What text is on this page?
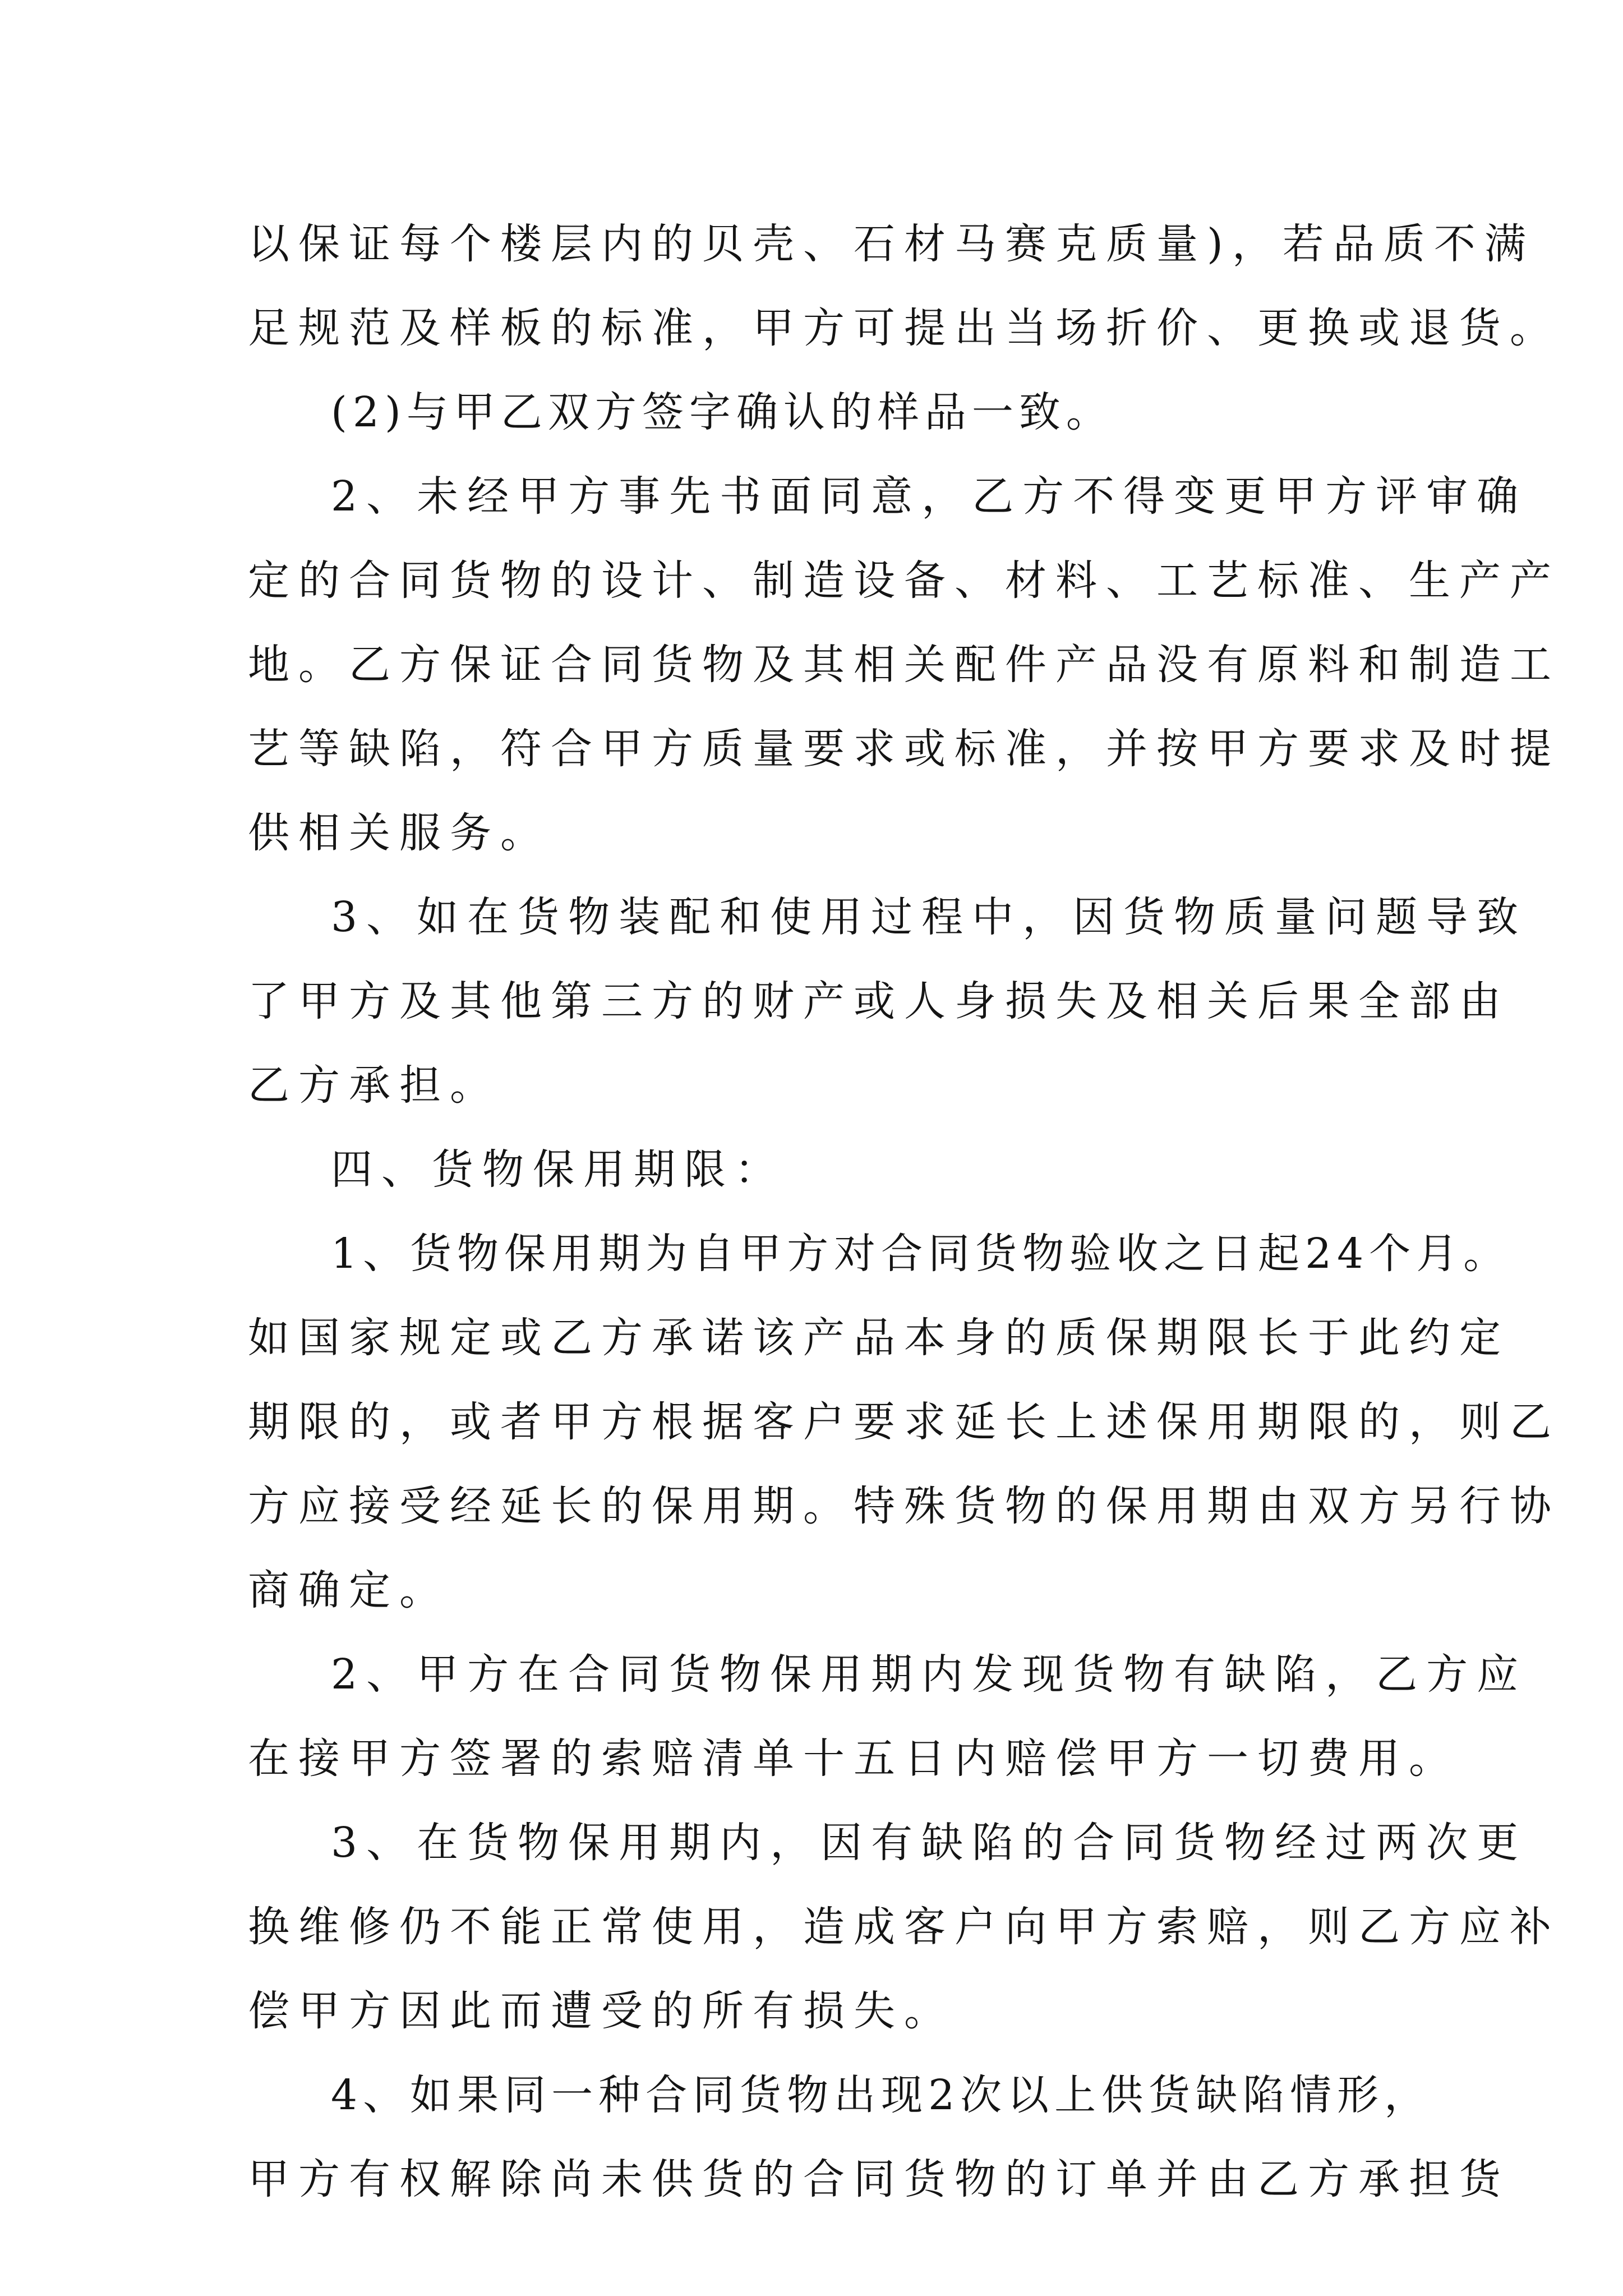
以保证每个楼层内的贝壳、石材马赛克质量)，若品质不满

足规范及样板的标准，甲方可提出当场折价、更换或退货。

(2)与甲乙双方签字确认的样品一致。

2、未经甲方事先书面同意，乙方不得变更甲方评审确

定的合同货物的设计、制造设备、材料、工艺标准、生产产

地。乙方保证合同货物及其相关配件产品没有原料和制造工

艺等缺陷，符合甲方质量要求或标准，并按甲方要求及时提

供相关服务。

3、如在货物装配和使用过程中，因货物质量问题导致

了甲方及其他第三方的财产或人身损失及相关后果全部由

乙方承担。

四、货物保用期限：

1、货物保用期为自甲方对合同货物验收之日起24个月。

如国家规定或乙方承诺该产品本身的质保期限长于此约定

期限的，或者甲方根据客户要求延长上述保用期限的，则乙

方应接受经延长的保用期。特殊货物的保用期由双方另行协

商确定。

2、甲方在合同货物保用期内发现货物有缺陷，乙方应

在接甲方签署的索赔清单十五日内赔偿甲方一切费用。

3、在货物保用期内，因有缺陷的合同货物经过两次更

换维修仍不能正常使用，造成客户向甲方索赔，则乙方应补

偿甲方因此而遭受的所有损失。

4、如果同一种合同货物出现2次以上供货缺陷情形，

甲方有权解除尚未供货的合同货物的订单并由乙方承担货
